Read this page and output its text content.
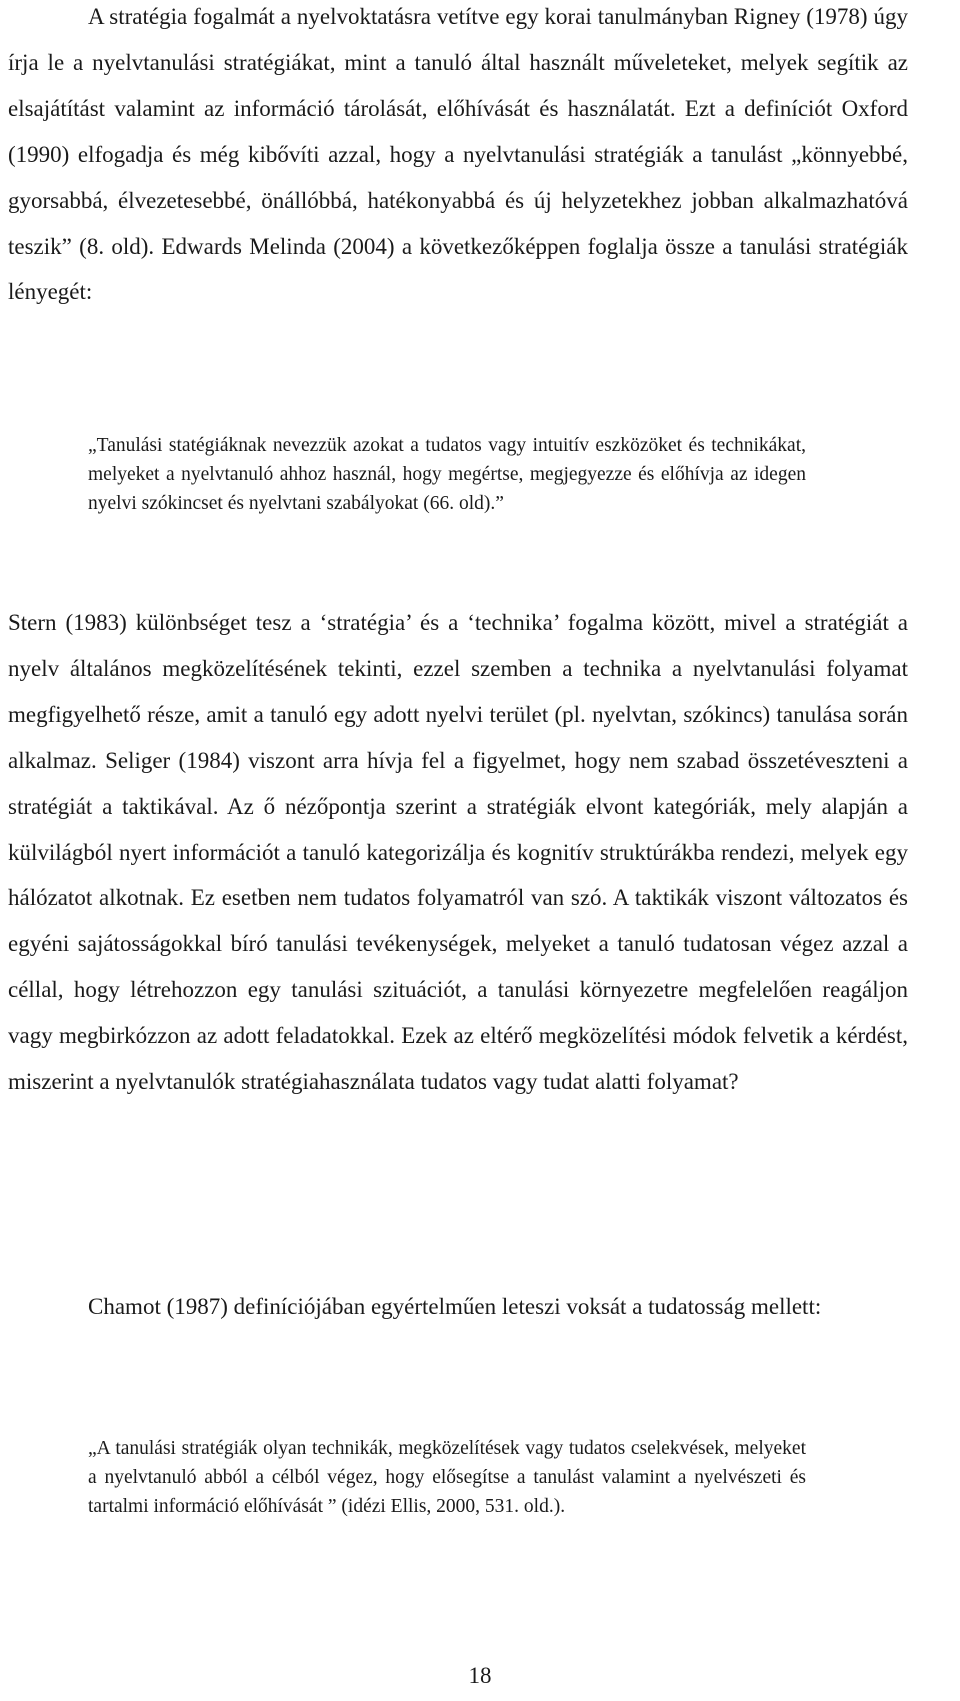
A stratégia fogalmát a nyelvoktatásra vetítve egy korai tanulmányban Rigney (1978) úgy írja le a nyelvtanulási stratégiákat, mint a tanuló által használt műveleteket, melyek segítik az elsajátítást valamint az információ tárolását, előhívását és használatát. Ezt a definíciót Oxford (1990) elfogadja és még kibővíti azzal, hogy a nyelvtanulási stratégiák a tanulást „könnyebbé, gyorsabbá, élvezetesebbé, önállóbbá, hatékonyabbá és új helyzetekhez jobban alkalmazhatóvá teszik” (8. old). Edwards Melinda (2004) a következőképpen foglalja össze a tanulási stratégiák lényegét:

„Tanulási statégiáknak nevezzük azokat a tudatos vagy intuitív eszközöket és technikákat, melyeket a nyelvtanuló ahhoz használ, hogy megértse, megjegyezze és előhívja az idegen nyelvi szókincset és nyelvtani szabályokat (66. old).”

Stern (1983) különbséget tesz a ‘stratégia’ és a ‘technika’ fogalma között, mivel a stratégiát a nyelv általános megközelítésének tekinti, ezzel szemben a technika a nyelvtanulási folyamat megfigyelhető része, amit a tanuló egy adott nyelvi terület (pl. nyelvtan, szókincs) tanulása során alkalmaz. Seliger (1984) viszont arra hívja fel a figyelmet, hogy nem szabad összetéveszteni a stratégiát a taktikával. Az ő nézőpontja szerint a stratégiák elvont kategóriák, mely alapján a külvilágból nyert információt a tanuló kategorizálja és kognitív struktúrákba rendezi, melyek egy hálózatot alkotnak. Ez esetben nem tudatos folyamatról van szó. A taktikák viszont változatos és egyéni sajátosságokkal bíró tanulási tevékenységek, melyeket a tanuló tudatosan végez azzal a céllal, hogy létrehozzon egy tanulási szituációt, a tanulási környezetre megfelelően reagáljon vagy megbirkózzon az adott feladatokkal. Ezek az eltérő megközelítési módok felvetik a kérdést, miszerint a nyelvtanulók stratégiahasználata tudatos vagy tudat alatti folyamat?

Chamot (1987) definíciójában egyértelműen leteszi voksát a tudatosság mellett:

„A tanulási stratégiák olyan technikák, megközelítések vagy tudatos cselekvések, melyeket a nyelvtanuló abból a célból végez, hogy elősegítse a tanulást valamint a nyelvészeti és tartalmi információ előhívását ” (idézi Ellis, 2000, 531. old.).

18
